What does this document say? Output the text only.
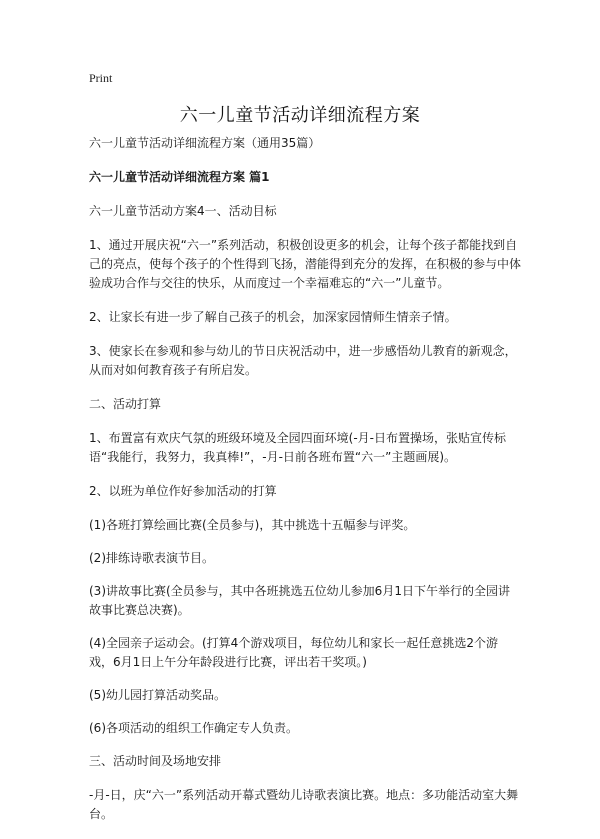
Print
六一儿童节活动详细流程方案

六一儿童节活动详细流程方案（通用35篇）

六一儿童节活动详细流程方案 篇1

六一儿童节活动方案4一、活动目标

1、通过开展庆祝“六一”系列活动，积极创设更多的机会，让每个孩子都能找到自己的亮点，使每个孩子的个性得到飞扬，潜能得到充分的发挥，在积极的参与中体验成功合作与交往的快乐，从而度过一个幸福难忘的“六一”儿童节。

2、让家长有进一步了解自己孩子的机会，加深家园情师生情亲子情。

3、使家长在参观和参与幼儿的节日庆祝活动中，进一步感悟幼儿教育的新观念，从而对如何教育孩子有所启发。

二、活动打算

1、布置富有欢庆气氛的班级环境及全园四面环境(-月-日布置操场，张贴宣传标语“我能行，我努力，我真棒!”，-月-日前各班布置“六一”主题画展)。

2、以班为单位作好参加活动的打算

(1)各班打算绘画比赛(全员参与)，其中挑选十五幅参与评奖。

(2)排练诗歌表演节目。

(3)讲故事比赛(全员参与，其中各班挑选五位幼儿参加6月1日下午举行的全园讲故事比赛总决赛)。

(4)全园亲子运动会。(打算4个游戏项目，每位幼儿和家长一起任意挑选2个游戏，6月1日上午分年龄段进行比赛，评出若干奖项。)

(5)幼儿园打算活动奖品。

(6)各项活动的组织工作确定专人负责。

三、活动时间及场地安排

-月-日，庆“六一”系列活动开幕式暨幼儿诗歌表演比赛。地点：多功能活动室大舞台。
